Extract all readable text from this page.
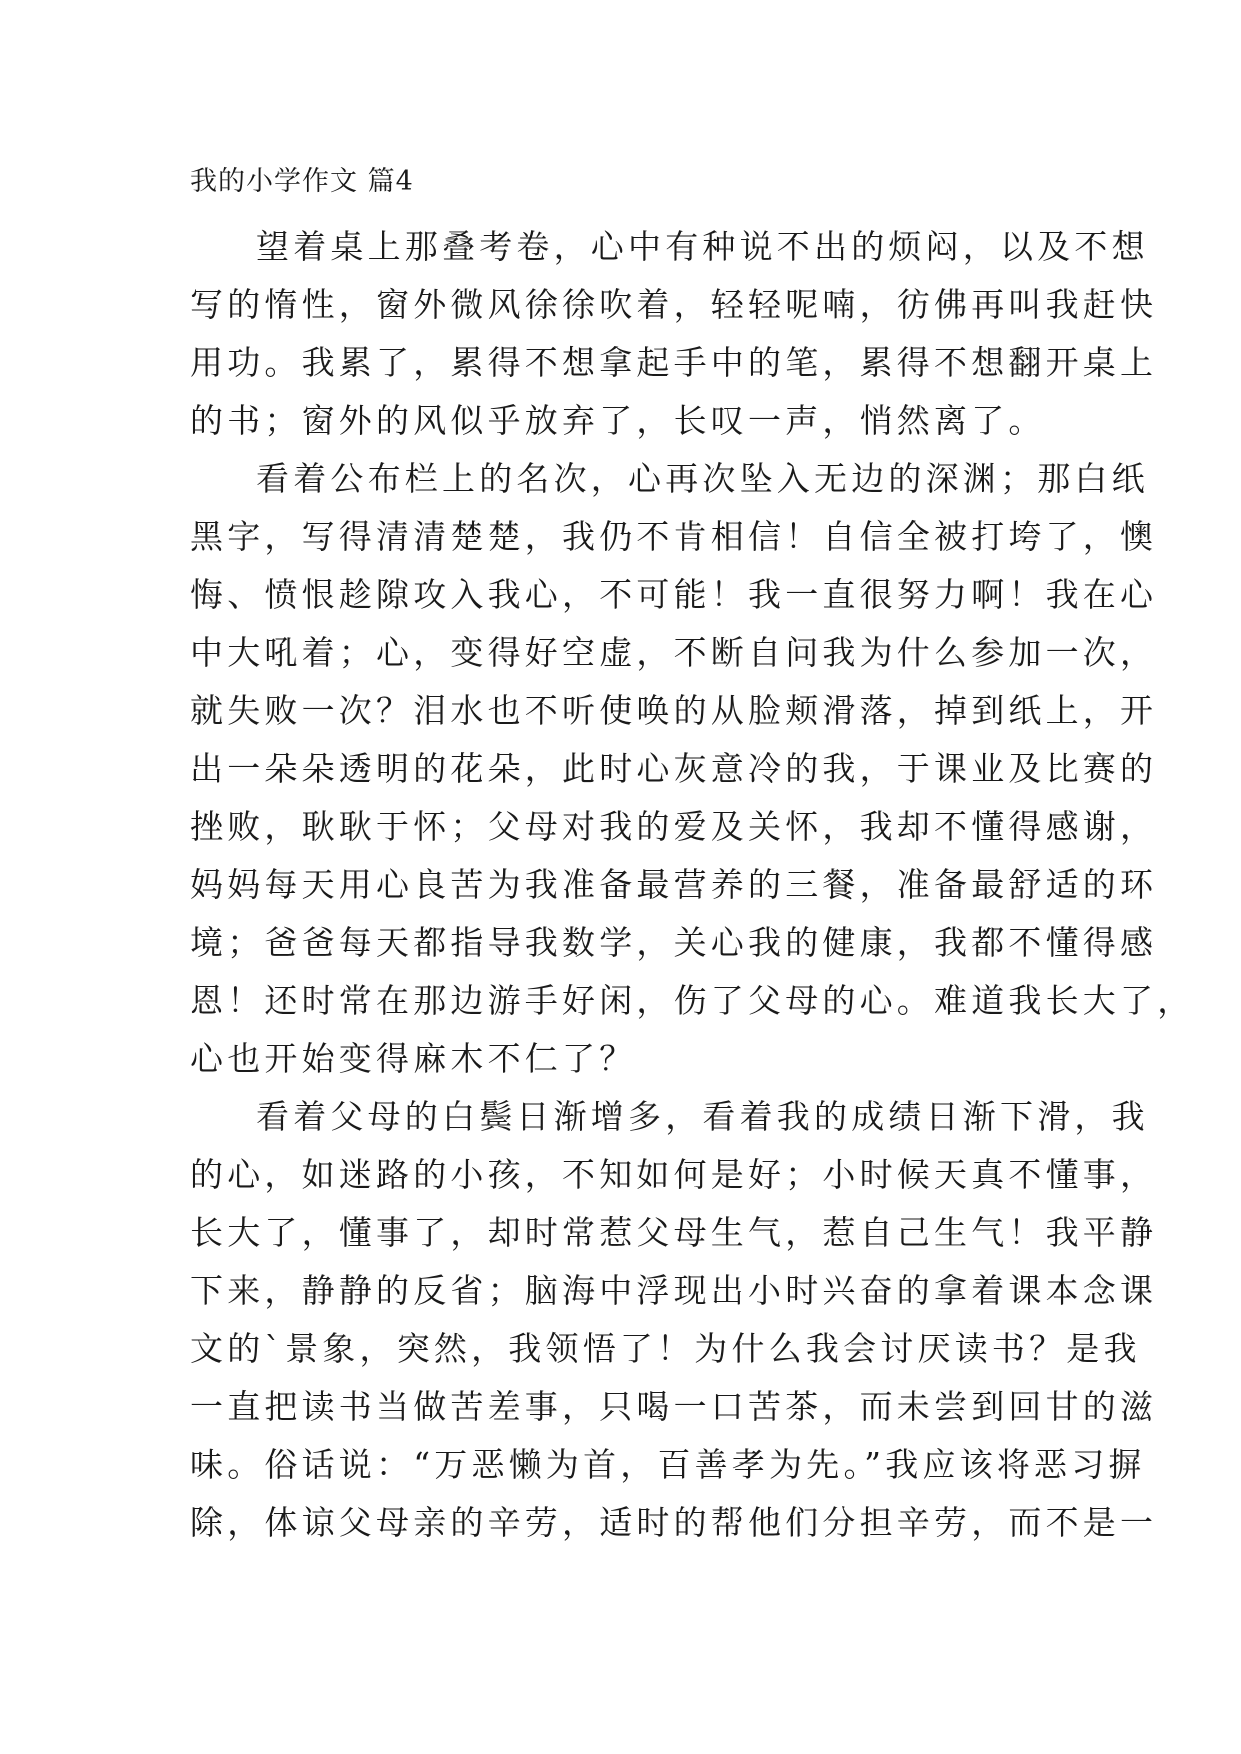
我的小学作文 篇4
望着桌上那叠考卷，心中有种说不出的烦闷，以及不想
写的惰性，窗外微风徐徐吹着，轻轻呢喃，彷佛再叫我赶快
用功。我累了，累得不想拿起手中的笔，累得不想翻开桌上
的书；窗外的风似乎放弃了，长叹一声，悄然离了。
看着公布栏上的名次，心再次坠入无边的深渊；那白纸
黑字，写得清清楚楚，我仍不肯相信！自信全被打垮了，懊
悔、愤恨趁隙攻入我心，不可能！我一直很努力啊！我在心
中大吼着；心，变得好空虚，不断自问我为什么参加一次，
就失败一次？泪水也不听使唤的从脸颊滑落，掉到纸上，开
出一朵朵透明的花朵，此时心灰意冷的我，于课业及比赛的
挫败，耿耿于怀；父母对我的爱及关怀，我却不懂得感谢，
妈妈每天用心良苦为我准备最营养的三餐，准备最舒适的环
境；爸爸每天都指导我数学，关心我的健康，我都不懂得感
恩！还时常在那边游手好闲，伤了父母的心。难道我长大了，
心也开始变得麻木不仁了？
看着父母的白鬓日渐增多，看着我的成绩日渐下滑，我
的心，如迷路的小孩，不知如何是好；小时候天真不懂事，
长大了，懂事了，却时常惹父母生气，惹自己生气！我平静
下来，静静的反省；脑海中浮现出小时兴奋的拿着课本念课
文的`景象，突然，我领悟了！为什么我会讨厌读书？是我
一直把读书当做苦差事，只喝一口苦茶，而未尝到回甘的滋
味。俗话说：“万恶懒为首，百善孝为先。”我应该将恶习摒
除，体谅父母亲的辛劳，适时的帮他们分担辛劳，而不是一
